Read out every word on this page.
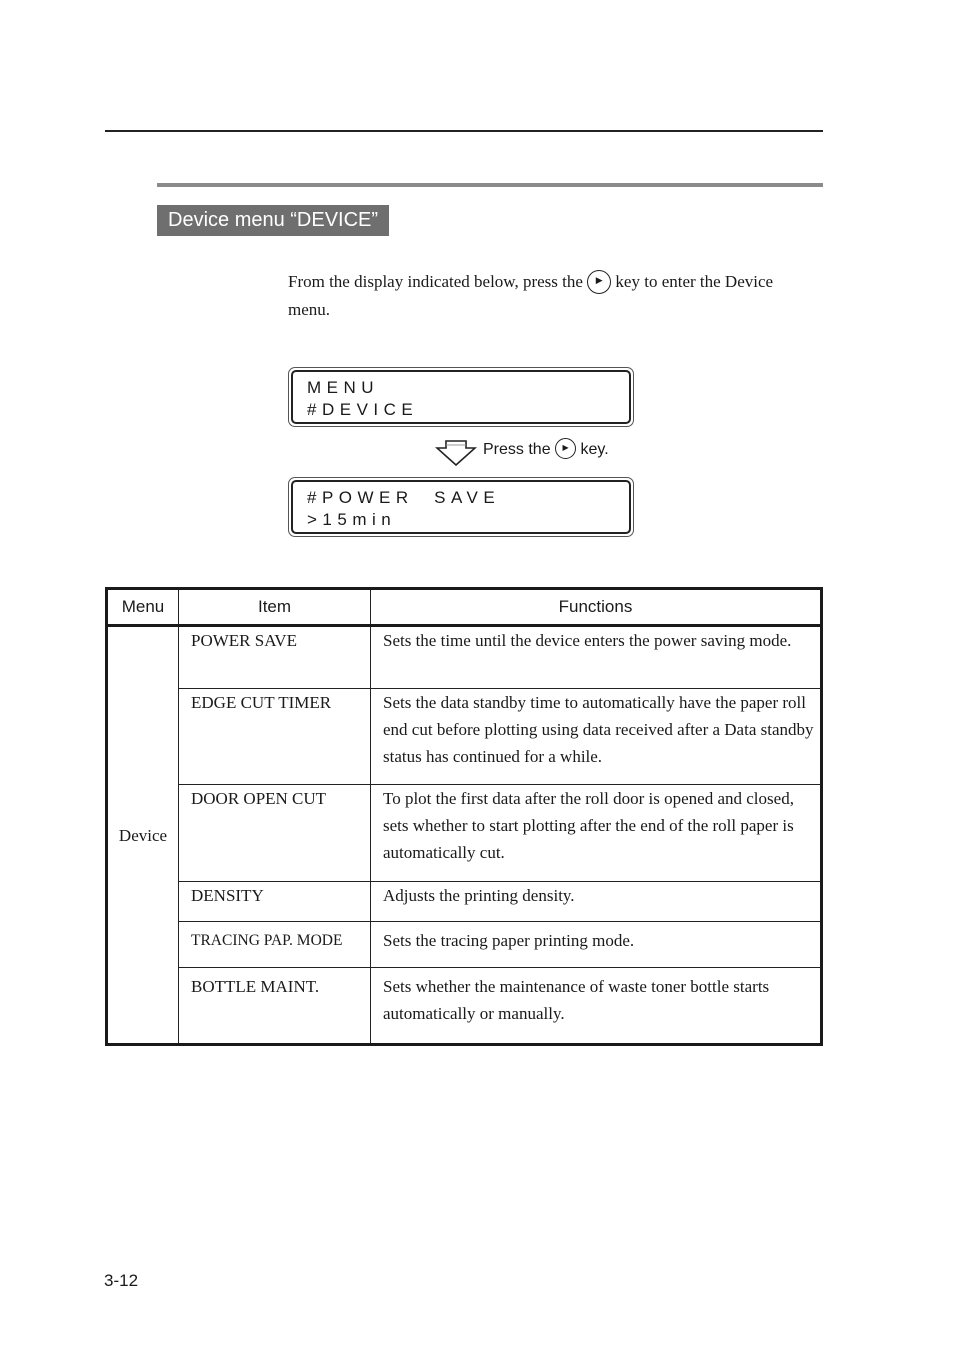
Device menu “DEVICE”
From the display indicated below, press the ▶ key to enter the Device
menu.
MENU
#DEVICE
Press the ▶ key.
#POWER  SAVE
>15min
Menu	Item	Functions
Device	POWER SAVE	Sets the time until the device enters the power saving mode.
	EDGE CUT TIMER	Sets the data standby time to automatically have the paper roll end cut before plotting using data received after a Data standby status has continued for a while.
	DOOR OPEN CUT	To plot the first data after the roll door is opened and closed, sets whether to start plotting after the end of the roll paper is automatically cut.
	DENSITY	Adjusts the printing density.
	TRACING PAP. MODE	Sets the tracing paper printing mode.
	BOTTLE MAINT.	Sets whether the maintenance of waste toner bottle starts automatically or manually.
3-12
